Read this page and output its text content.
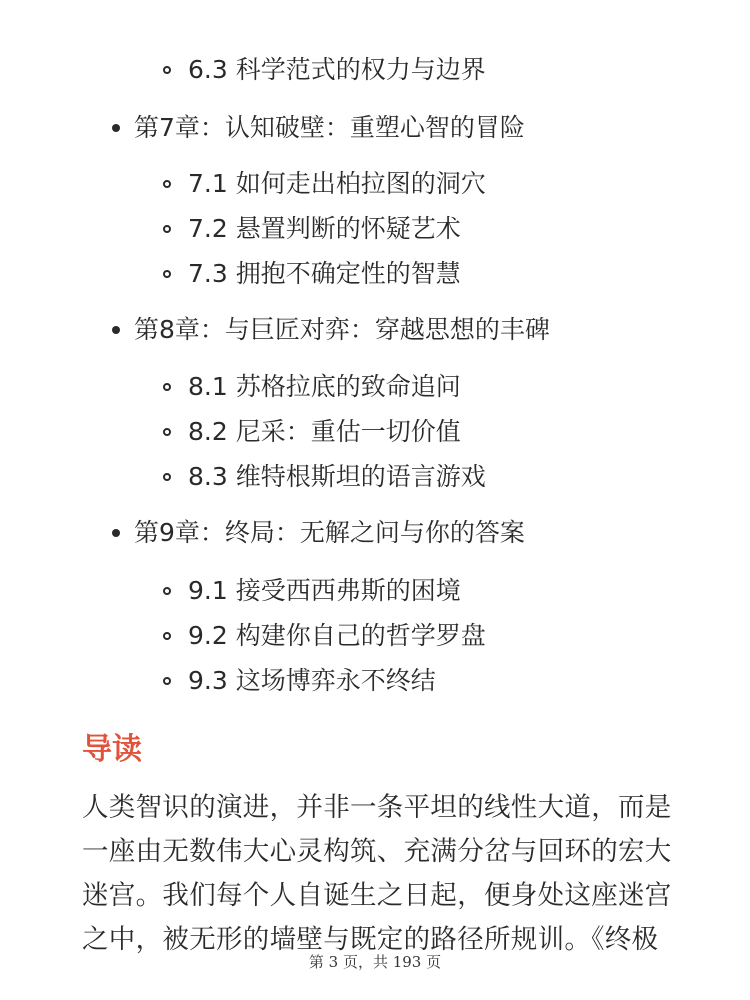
6.3 科学范式的权力与边界
第7章：认知破壁：重塑心智的冒险
7.1 如何走出柏拉图的洞穴
7.2 悬置判断的怀疑艺术
7.3 拥抱不确定性的智慧
第8章：与巨匠对弈：穿越思想的丰碑
8.1 苏格拉底的致命追问
8.2 尼采：重估一切价值
8.3 维特根斯坦的语言游戏
第9章：终局：无解之问与你的答案
9.1 接受西西弗斯的困境
9.2 构建你自己的哲学罗盘
9.3 这场博弈永不终结
导读
人类智识的演进，并非一条平坦的线性大道，而是
一座由无数伟大心灵构筑、充满分岔与回环的宏大
迷宫。我们每个人自诞生之日起，便身处这座迷宫
之中，被无形的墙壁与既定的路径所规训。《终极
第 3 页，共 193 页
